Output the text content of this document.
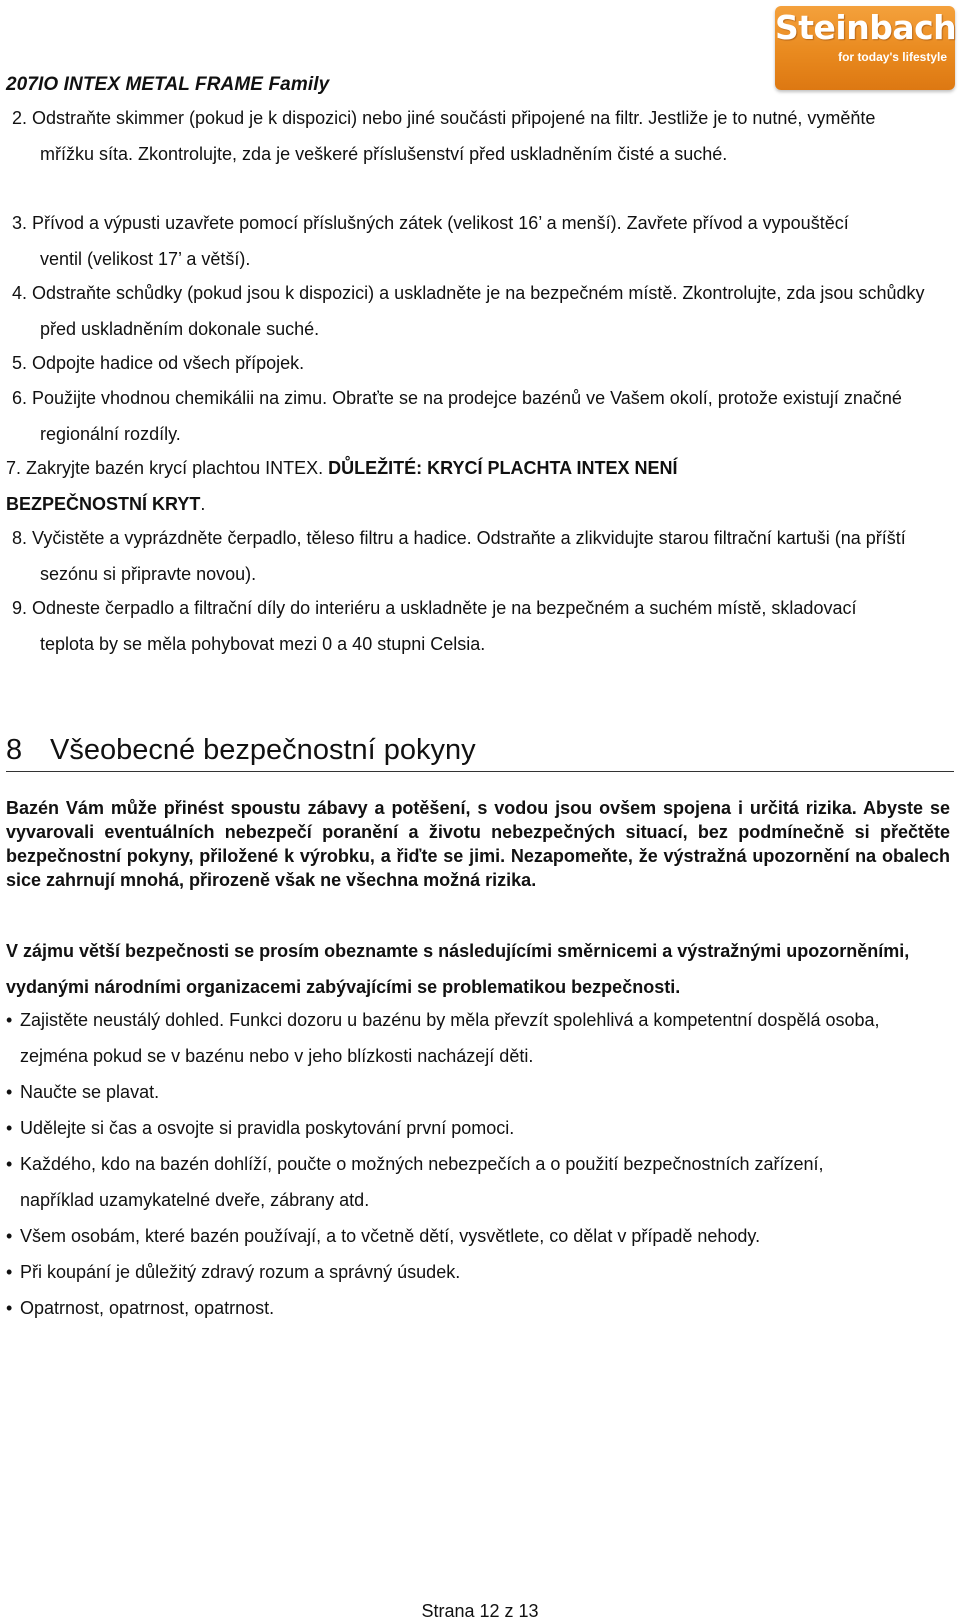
207IO INTEX METAL FRAME Family
Steinbach
for today's lifestyle
2. Odstraňte skimmer (pokud je k dispozici) nebo jiné součásti připojené na filtr. Jestliže je to nutné, vyměňte mřížku síta. Zkontrolujte, zda je veškeré příslušenství před uskladněním čisté a suché.
3. Přívod a výpusti uzavřete pomocí příslušných zátek (velikost 16’ a menší). Zavřete přívod a vypouštěcí ventil (velikost 17’ a větší).
4. Odstraňte schůdky (pokud jsou k dispozici) a uskladněte je na bezpečném místě. Zkontrolujte, zda jsou schůdky před uskladněním dokonale suché.
5. Odpojte hadice od všech přípojek.
6. Použijte vhodnou chemikálii na zimu. Obraťte se na prodejce bazénů ve Vašem okolí, protože existují značné regionální rozdíly.
7. Zakryjte bazén krycí plachtou INTEX. DŮLEŽITÉ: KRYCÍ PLACHTA INTEX NENÍ BEZPEČNOSTNÍ KRYT.
8. Vyčistěte a vyprázdněte čerpadlo, těleso filtru a hadice. Odstraňte a zlikvidujte starou filtrační kartuši (na příští sezónu si připravte novou).
9. Odneste čerpadlo a filtrační díly do interiéru a uskladněte je na bezpečném a suchém místě, skladovací teplota by se měla pohybovat mezi 0 a 40 stupni Celsia.
8 Všeobecné bezpečnostní pokyny
Bazén Vám může přinést spoustu zábavy a potěšení, s vodou jsou ovšem spojena i určitá rizika. Abyste se vyvarovali eventuálních nebezpečí poranění a životu nebezpečných situací, bez podmínečně si přečtěte bezpečnostní pokyny, přiložené k výrobku, a řiďte se jimi. Nezapomeňte, že výstražná upozornění na obalech sice zahrnují mnohá, přirozeně však ne všechna možná rizika.
V zájmu větší bezpečnosti se prosím obeznamte s následujícími směrnicemi a výstražnými upozorněními, vydanými národními organizacemi zabývajícími se problematikou bezpečnosti.
• Zajistěte neustálý dohled. Funkci dozoru u bazénu by měla převzít spolehlivá a kompetentní dospělá osoba, zejména pokud se v bazénu nebo v jeho blízkosti nacházejí děti.
• Naučte se plavat.
• Udělejte si čas a osvojte si pravidla poskytování první pomoci.
• Každého, kdo na bazén dohlíží, poučte o možných nebezpečích a o použití bezpečnostních zařízení, například uzamykatelné dveře, zábrany atd.
• Všem osobám, které bazén používají, a to včetně dětí, vysvětlete, co dělat v případě nehody.
• Při koupání je důležitý zdravý rozum a správný úsudek.
• Opatrnost, opatrnost, opatrnost.
Strana 12 z 13
